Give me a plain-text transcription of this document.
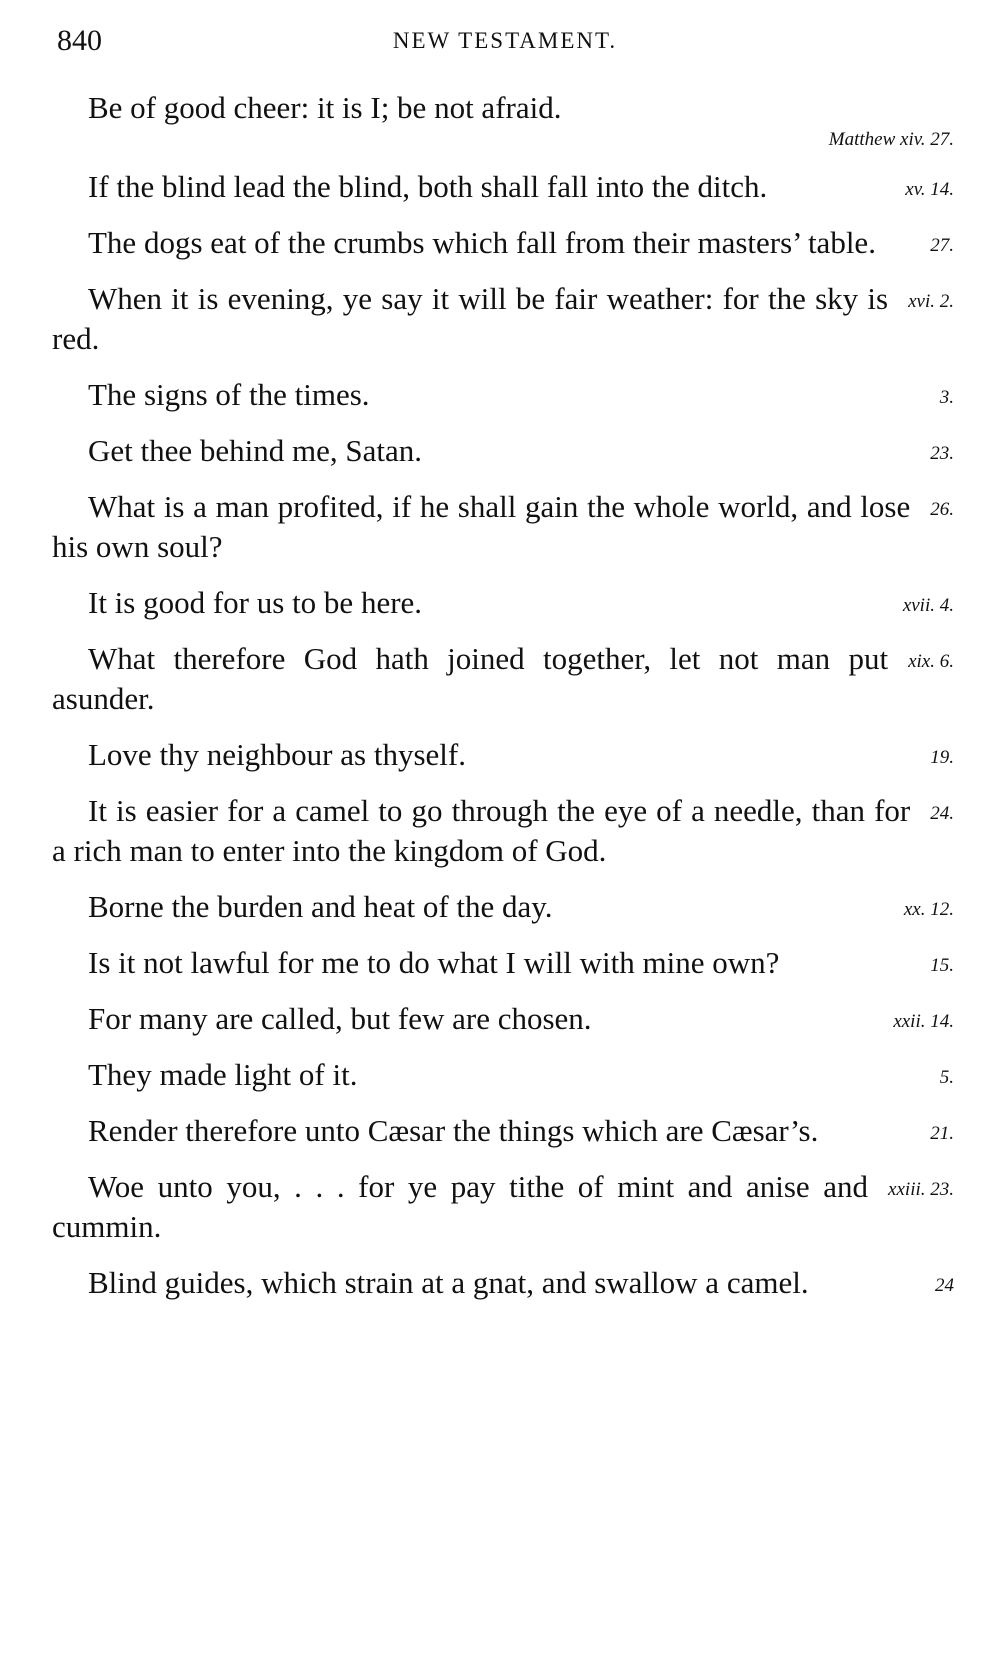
840	NEW TESTAMENT.
Be of good cheer: it is I; be not afraid.
Matthew xiv. 27.
xv. 14.
If the blind lead the blind, both shall fall into the ditch.
27.
The dogs eat of the crumbs which fall from their masters’ table.
xvi. 2.
When it is evening, ye say it will be fair weather: for the sky is red.
3.
The signs of the times.
23.
Get thee behind me, Satan.
26.
What is a man profited, if he shall gain the whole world, and lose his own soul?
xvii. 4.
It is good for us to be here.
xix. 6.
What therefore God hath joined together, let not man put asunder.
19.
Love thy neighbour as thyself.
24.
It is easier for a camel to go through the eye of a needle, than for a rich man to enter into the kingdom of God.
xx. 12.
Borne the burden and heat of the day.
15.
Is it not lawful for me to do what I will with mine own?
xxii. 14.
For many are called, but few are chosen.
5.
They made light of it.
21.
Render therefore unto Cæsar the things which are Cæsar’s.
xxiii. 23.
Woe unto you, . . . for ye pay tithe of mint and anise and cummin.
24
Blind guides, which strain at a gnat, and swallow a camel.
